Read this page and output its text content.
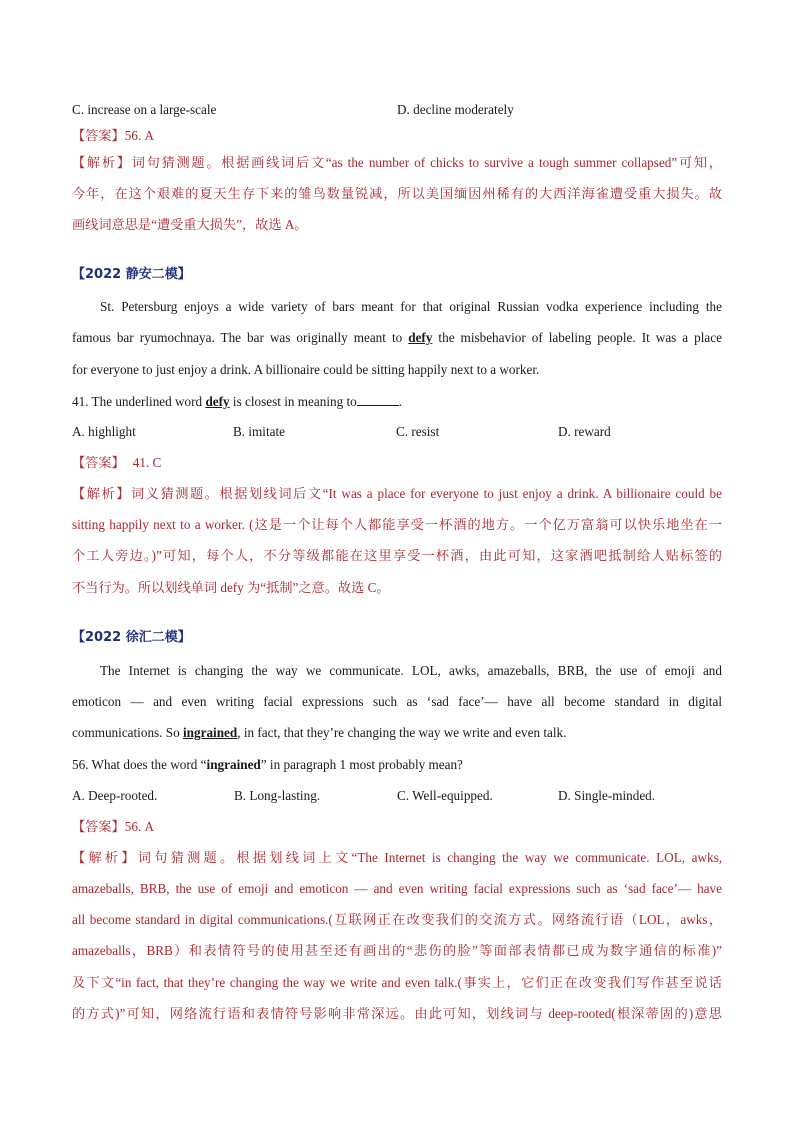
C. increase on a large-scale	D. decline moderately
【答案】56. A
【解析】词句猜测题。根据画线词后文“as the number of chicks to survive a tough summer collapsed”可知，
今年，在这个艰难的夏天生存下来的雏鸟数量锐减，所以美国缅因州稀有的大西洋海雀遭受重大损失。故
画线词意思是“遭受重大损失”，故选 A。
【2022 静安二模】
St. Petersburg enjoys a wide variety of bars meant for that original Russian vodka experience including the
famous bar ryumochnaya. The bar was originally meant to defy the misbehavior of labeling people. It was a place
for everyone to just enjoy a drink. A billionaire could be sitting happily next to a worker.
41. The underlined word defy is closest in meaning to	.
A. highlight	B. imitate	C. resist	D. reward
【答案】 41. C
【解析】词义猜测题。根据划线词后文“It was a place for everyone to just enjoy a drink. A billionaire could be
sitting happily next to a worker. (这是一个让每个人都能享受一杯酒的地方。一个亿万富翁可以快乐地坐在一
个工人旁边。)”可知，每个人，不分等级都能在这里享受一杯酒，由此可知，这家酒吧抵制给人贴标签的
不当行为。所以划线单词 defy 为“抵制”之意。故选 C。
【2022 徐汇二模】
The Internet is changing the way we communicate. LOL, awks, amazeballs, BRB, the use of emoji and
emoticon — and even writing facial expressions such as ‘sad face’— have all become standard in digital
communications. So ingrained, in fact, that they’re changing the way we write and even talk.
56. What does the word “ingrained” in paragraph 1 most probably mean?
A. Deep-rooted.	B. Long-lasting.	C. Well-equipped.	D. Single-minded.
【答案】56. A
【解析】词句猜测题。根据划线词上文“The Internet is changing the way we communicate. LOL, awks,
amazeballs, BRB, the use of emoji and emoticon — and even writing facial expressions such as ‘sad face’— have
all become standard in digital communications.(互联网正在改变我们的交流方式。网络流行语（LOL，awks，
amazeballs，BRB）和表情符号的使用甚至还有画出的“悲伤的脸”等面部表情都已成为数字通信的标准)”
及下文“in fact, that they’re changing the way we write and even talk.(事实上，它们正在改变我们写作甚至说话
的方式)”可知，网络流行语和表情符号影响非常深远。由此可知，划线词与 deep-rooted(根深蒂固的)意思
